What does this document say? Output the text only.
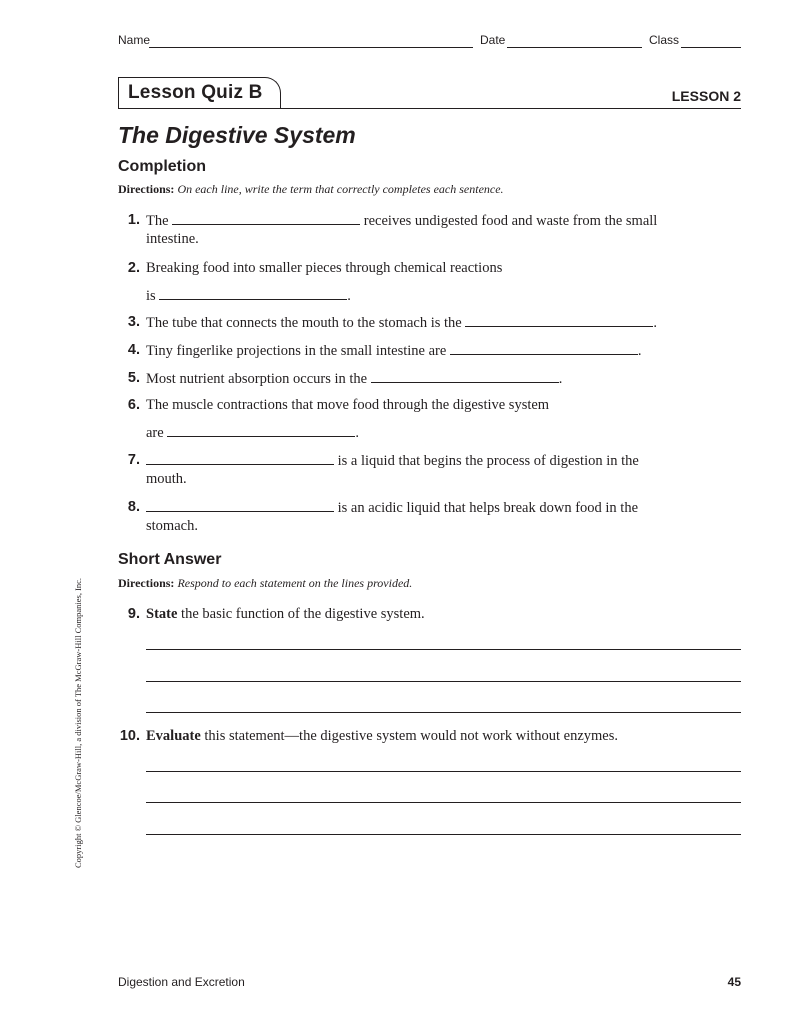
Name	Date	Class
Lesson Quiz B	LESSON 2
The Digestive System
Completion
Directions: On each line, write the term that correctly completes each sentence.
1. The	receives undigested food and waste from the small
intestine.
2. Breaking food into smaller pieces through chemical reactions
is	.
3. The tube that connects the mouth to the stomach is the	.
4. Tiny fingerlike projections in the small intestine are	.
5. Most nutrient absorption occurs in the	.
6. The muscle contractions that move food through the digestive system
are	.
7.	is a liquid that begins the process of digestion in the
mouth.
8.	is an acidic liquid that helps break down food in the
stomach.
Short Answer
Directions: Respond to each statement on the lines provided.
9. State the basic function of the digestive system.
10. Evaluate this statement—the digestive system would not work without enzymes.
Copyright © Glencoe/McGraw-Hill, a division of The McGraw-Hill Companies, Inc.
Digestion and Excretion	45
